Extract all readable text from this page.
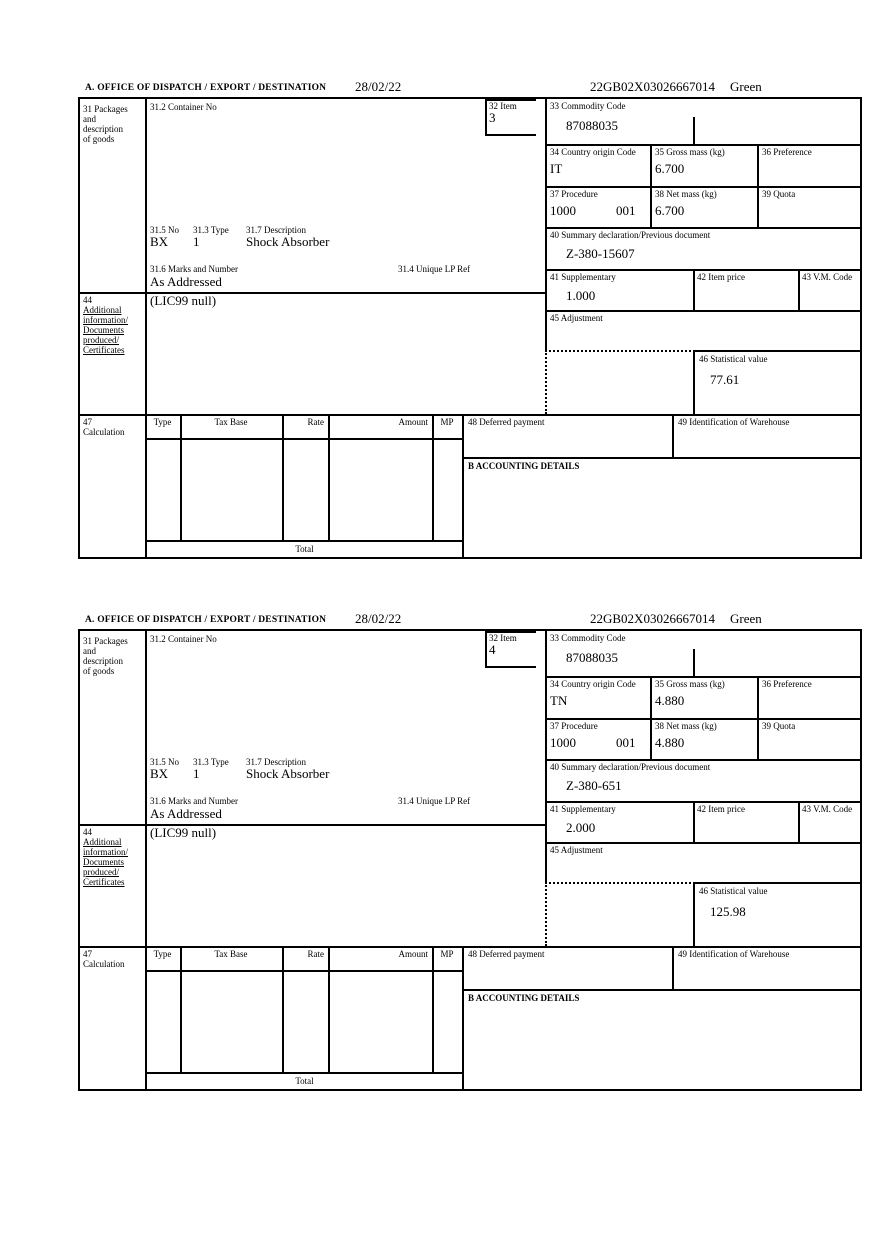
A. OFFICE OF DISPATCH / EXPORT / DESTINATION 28/02/22	22GB02X03026667014 Green
31 Packages
and
description
of goods
44
Additional
information/
Documents
produced/
Certificates
47
Calculation
31.2 Container No	32 Item
3
31.5 No 31.3 Type 31.7 Description
BX 1	Shock Absorber
31.6 Marks and Number	31.4 Unique LP Ref
As Addressed
(LIC99 null)
33 Commodity Code
87088035
34 Country origin Code
IT
35 Gross mass (kg)
6.700
36 Preference
37 Procedure
1000	001
38 Net mass (kg)
6.700
39 Quota
40 Summary declaration/Previous document
Z-380-15607
41 Supplementary
1.000
42 Item price	43 V.M. Code
45 Adjustment
46 Statistical value
77.61
Type	Tax Base	Rate	Amount	MP
Total
48 Deferred payment	49 Identification of Warehouse
B ACCOUNTING DETAILS
A. OFFICE OF DISPATCH / EXPORT / DESTINATION 28/02/22	22GB02X03026667014 Green
31 Packages
and
description
of goods
44
Additional
information/
Documents
produced/
Certificates
47
Calculation
31.2 Container No	32 Item
4
31.5 No 31.3 Type 31.7 Description
BX 1	Shock Absorber
31.6 Marks and Number	31.4 Unique LP Ref
As Addressed
(LIC99 null)
33 Commodity Code
87088035
34 Country origin Code
TN
35 Gross mass (kg)
4.880
36 Preference
37 Procedure
1000	001
38 Net mass (kg)
4.880
39 Quota
40 Summary declaration/Previous document
Z-380-651
41 Supplementary
2.000
42 Item price	43 V.M. Code
45 Adjustment
46 Statistical value
125.98
Type	Tax Base	Rate	Amount	MP
Total
48 Deferred payment	49 Identification of Warehouse
B ACCOUNTING DETAILS
